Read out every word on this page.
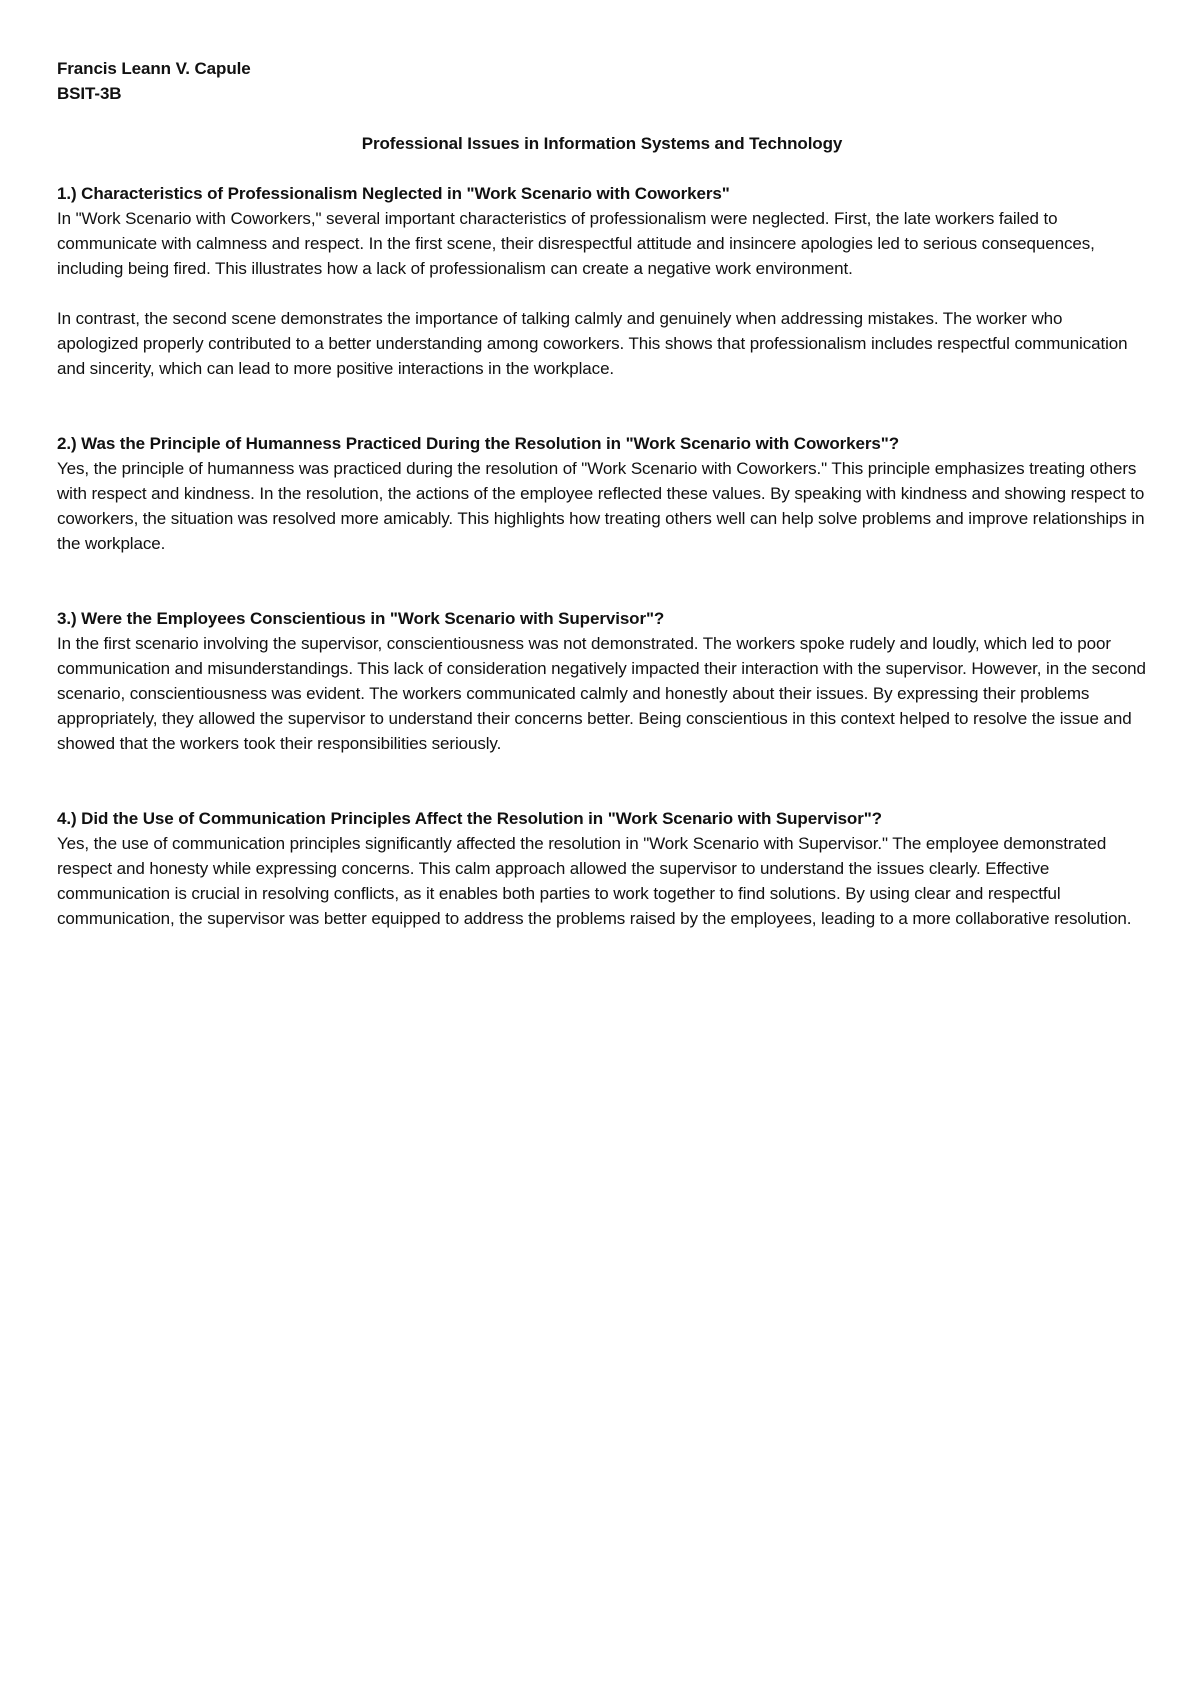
Francis Leann V. Capule

BSIT-3B

Professional Issues in Information Systems and Technology
1.) Characteristics of Professionalism Neglected in "Work Scenario with Coworkers"

In "Work Scenario with Coworkers," several important characteristics of professionalism were neglected. First, the late workers failed to communicate with calmness and respect. In the first scene, their disrespectful attitude and insincere apologies led to serious consequences, including being fired. This illustrates how a lack of professionalism can create a negative work environment.

In contrast, the second scene demonstrates the importance of talking calmly and genuinely when addressing mistakes. The worker who apologized properly contributed to a better understanding among coworkers. This shows that professionalism includes respectful communication and sincerity, which can lead to more positive interactions in the workplace.

2.) Was the Principle of Humanness Practiced During the Resolution in "Work Scenario with Coworkers"?

Yes, the principle of humanness was practiced during the resolution of "Work Scenario with Coworkers." This principle emphasizes treating others with respect and kindness. In the resolution, the actions of the employee reflected these values. By speaking with kindness and showing respect to coworkers, the situation was resolved more amicably. This highlights how treating others well can help solve problems and improve relationships in the workplace.

3.) Were the Employees Conscientious in "Work Scenario with Supervisor"?

In the first scenario involving the supervisor, conscientiousness was not demonstrated. The workers spoke rudely and loudly, which led to poor communication and misunderstandings. This lack of consideration negatively impacted their interaction with the supervisor. However, in the second scenario, conscientiousness was evident. The workers communicated calmly and honestly about their issues. By expressing their problems appropriately, they allowed the supervisor to understand their concerns better. Being conscientious in this context helped to resolve the issue and showed that the workers took their responsibilities seriously.

4.) Did the Use of Communication Principles Affect the Resolution in "Work Scenario with Supervisor"?

Yes, the use of communication principles significantly affected the resolution in "Work Scenario with Supervisor." The employee demonstrated respect and honesty while expressing concerns. This calm approach allowed the supervisor to understand the issues clearly. Effective communication is crucial in resolving conflicts, as it enables both parties to work together to find solutions. By using clear and respectful communication, the supervisor was better equipped to address the problems raised by the employees, leading to a more collaborative resolution.
